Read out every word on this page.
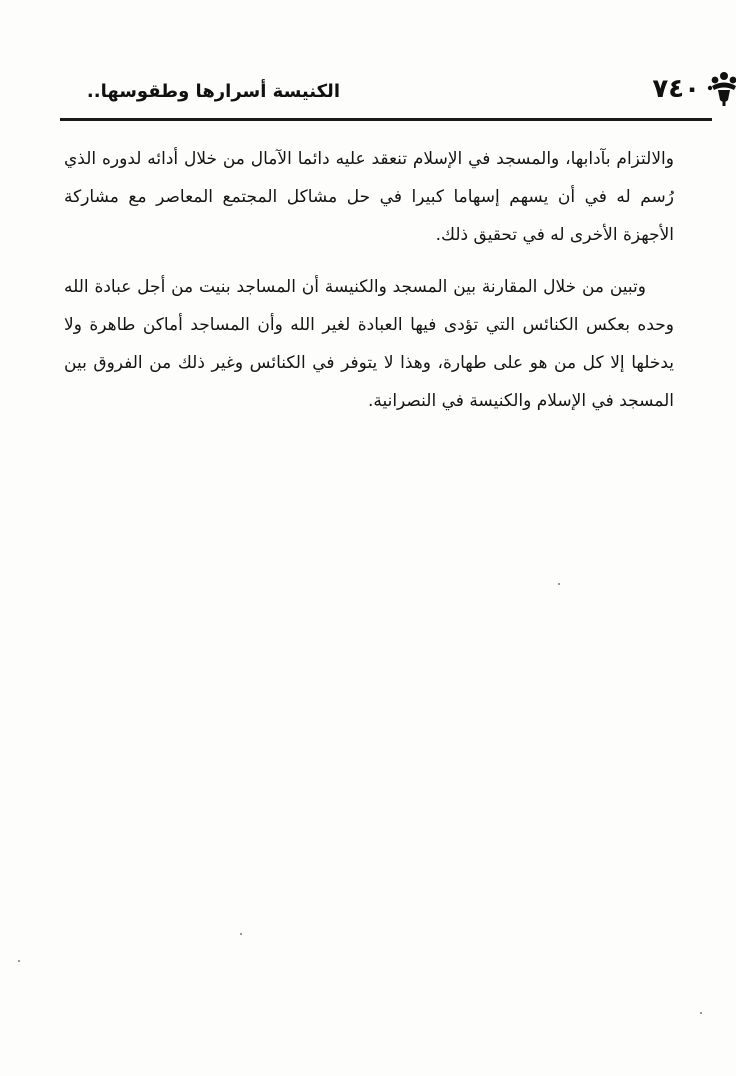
٧٤٠
الكنيسة أسرارها وطقوسها..

والالتزام بآدابها، والمسجد في الإسلام تنعقد عليه دائما الآمال من خلال أدائه لدوره الذي رُسم له في أن يسهم إسهاما كبيرا في حل مشاكل المجتمع المعاصر مع مشاركة الأجهزة الأخرى له في تحقيق ذلك.

وتبين من خلال المقارنة بين المسجد والكنيسة أن المساجد بنيت من أجل عبادة الله وحده بعكس الكنائس التي تؤدى فيها العبادة لغير الله وأن المساجد أماكن طاهرة ولا يدخلها إلا كل من هو على طهارة، وهذا لا يتوفر في الكنائس وغير ذلك من الفروق بين المسجد في الإسلام والكنيسة في النصرانية.
